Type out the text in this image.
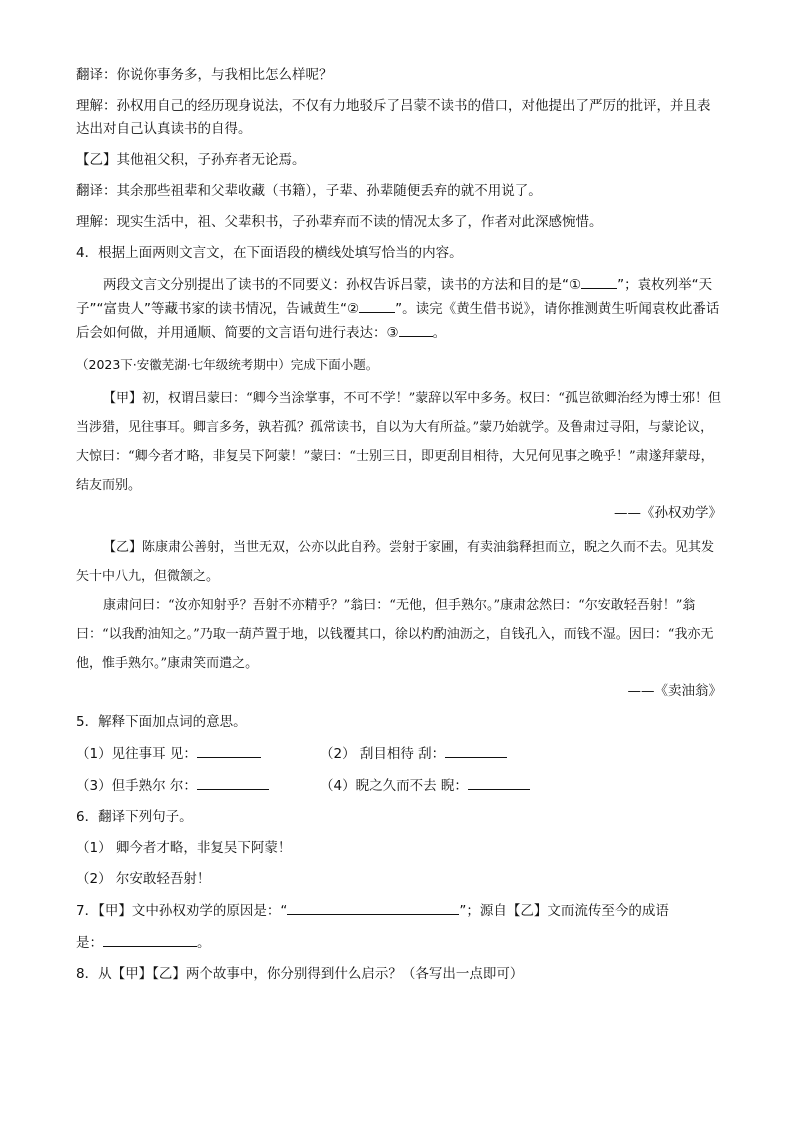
翻译：你说你事务多，与我相比怎么样呢？

理解：孙权用自己的经历现身说法，不仅有力地驳斥了吕蒙不读书的借口，对他提出了严厉的批评，并且表达出对自己认真读书的自得。

【乙】其他祖父积，子孙弃者无论焉。

翻译：其余那些祖辈和父辈收藏（书籍），子辈、孙辈随便丢弃的就不用说了。

理解：现实生活中，祖、父辈积书，子孙辈弃而不读的情况太多了，作者对此深感惋惜。

4．根据上面两则文言文，在下面语段的横线处填写恰当的内容。

两段文言文分别提出了读书的不同要义：孙权告诉吕蒙，读书的方法和目的是“①	”；袁枚列举“天子”“富贵人”等藏书家的读书情况，告诫黄生“②	”。读完《黄生借书说》，请你推测黄生听闻袁枚此番话后会如何做，并用通顺、简要的文言语句进行表达：③	。

（2023下·安徽芜湖·七年级统考期中）完成下面小题。

【甲】初，权谓吕蒙曰：“卿今当涂掌事，不可不学！”蒙辞以军中多务。权曰：“孤岂欲卿治经为博士邪！但当涉猎，见往事耳。卿言多务，孰若孤？孤常读书，自以为大有所益。”蒙乃始就学。及鲁肃过寻阳，与蒙论议，大惊曰：“卿今者才略，非复吴下阿蒙！”蒙曰：“士别三日，即更刮目相待，大兄何见事之晚乎！”肃遂拜蒙母，结友而别。

——《孙权劝学》

【乙】陈康肃公善射，当世无双，公亦以此自矜。尝射于家圃，有卖油翁释担而立，睨之久而不去。见其发矢十中八九，但微颔之。

康肃问曰：“汝亦知射乎？吾射不亦精乎？”翁曰：“无他，但手熟尔。”康肃忿然曰：“尔安敢轻吾射！”翁曰：“以我酌油知之。”乃取一葫芦置于地，以钱覆其口，徐以杓酌油沥之，自钱孔入，而钱不湿。因曰：“我亦无他，惟手熟尔。”康肃笑而遣之。

——《卖油翁》

5．解释下面加点词的意思。

（1）见往事耳 见：	（2） 刮目相待 刮：
（3）但手熟尔 尔：	（4）睨之久而不去 睨：

6．翻译下列句子。

（1） 卿今者才略，非复吴下阿蒙！

（2） 尔安敢轻吾射！

7．【甲】文中孙权劝学的原因是：“	”；源自【乙】文而流传至今的成语

是：	。

8．从【甲】【乙】两个故事中，你分别得到什么启示？（各写出一点即可）
